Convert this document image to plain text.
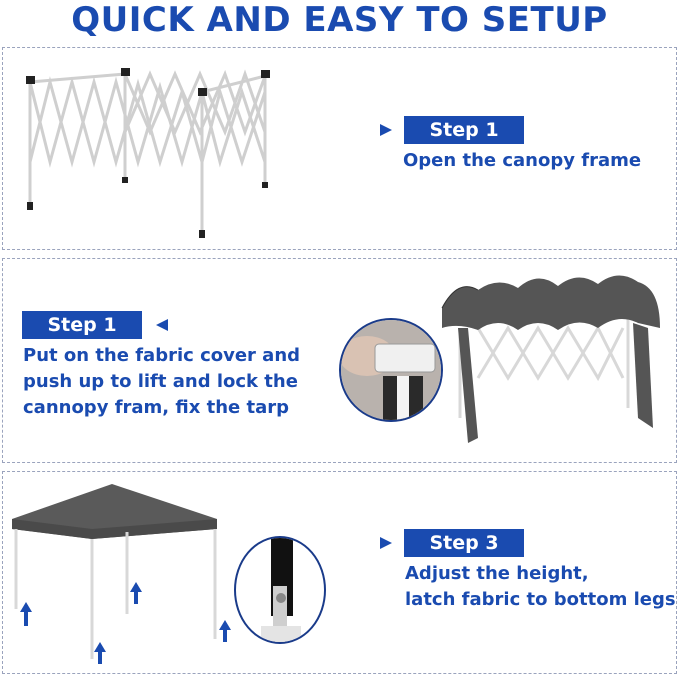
QUICK AND EASY TO SETUP
Step 1
Open the canopy frame
Step 1
Put on the fabric cover and
push up to lift and lock the
cannopy fram, fix the tarp
Step 3
Adjust the height,
latch fabric to bottom legs
